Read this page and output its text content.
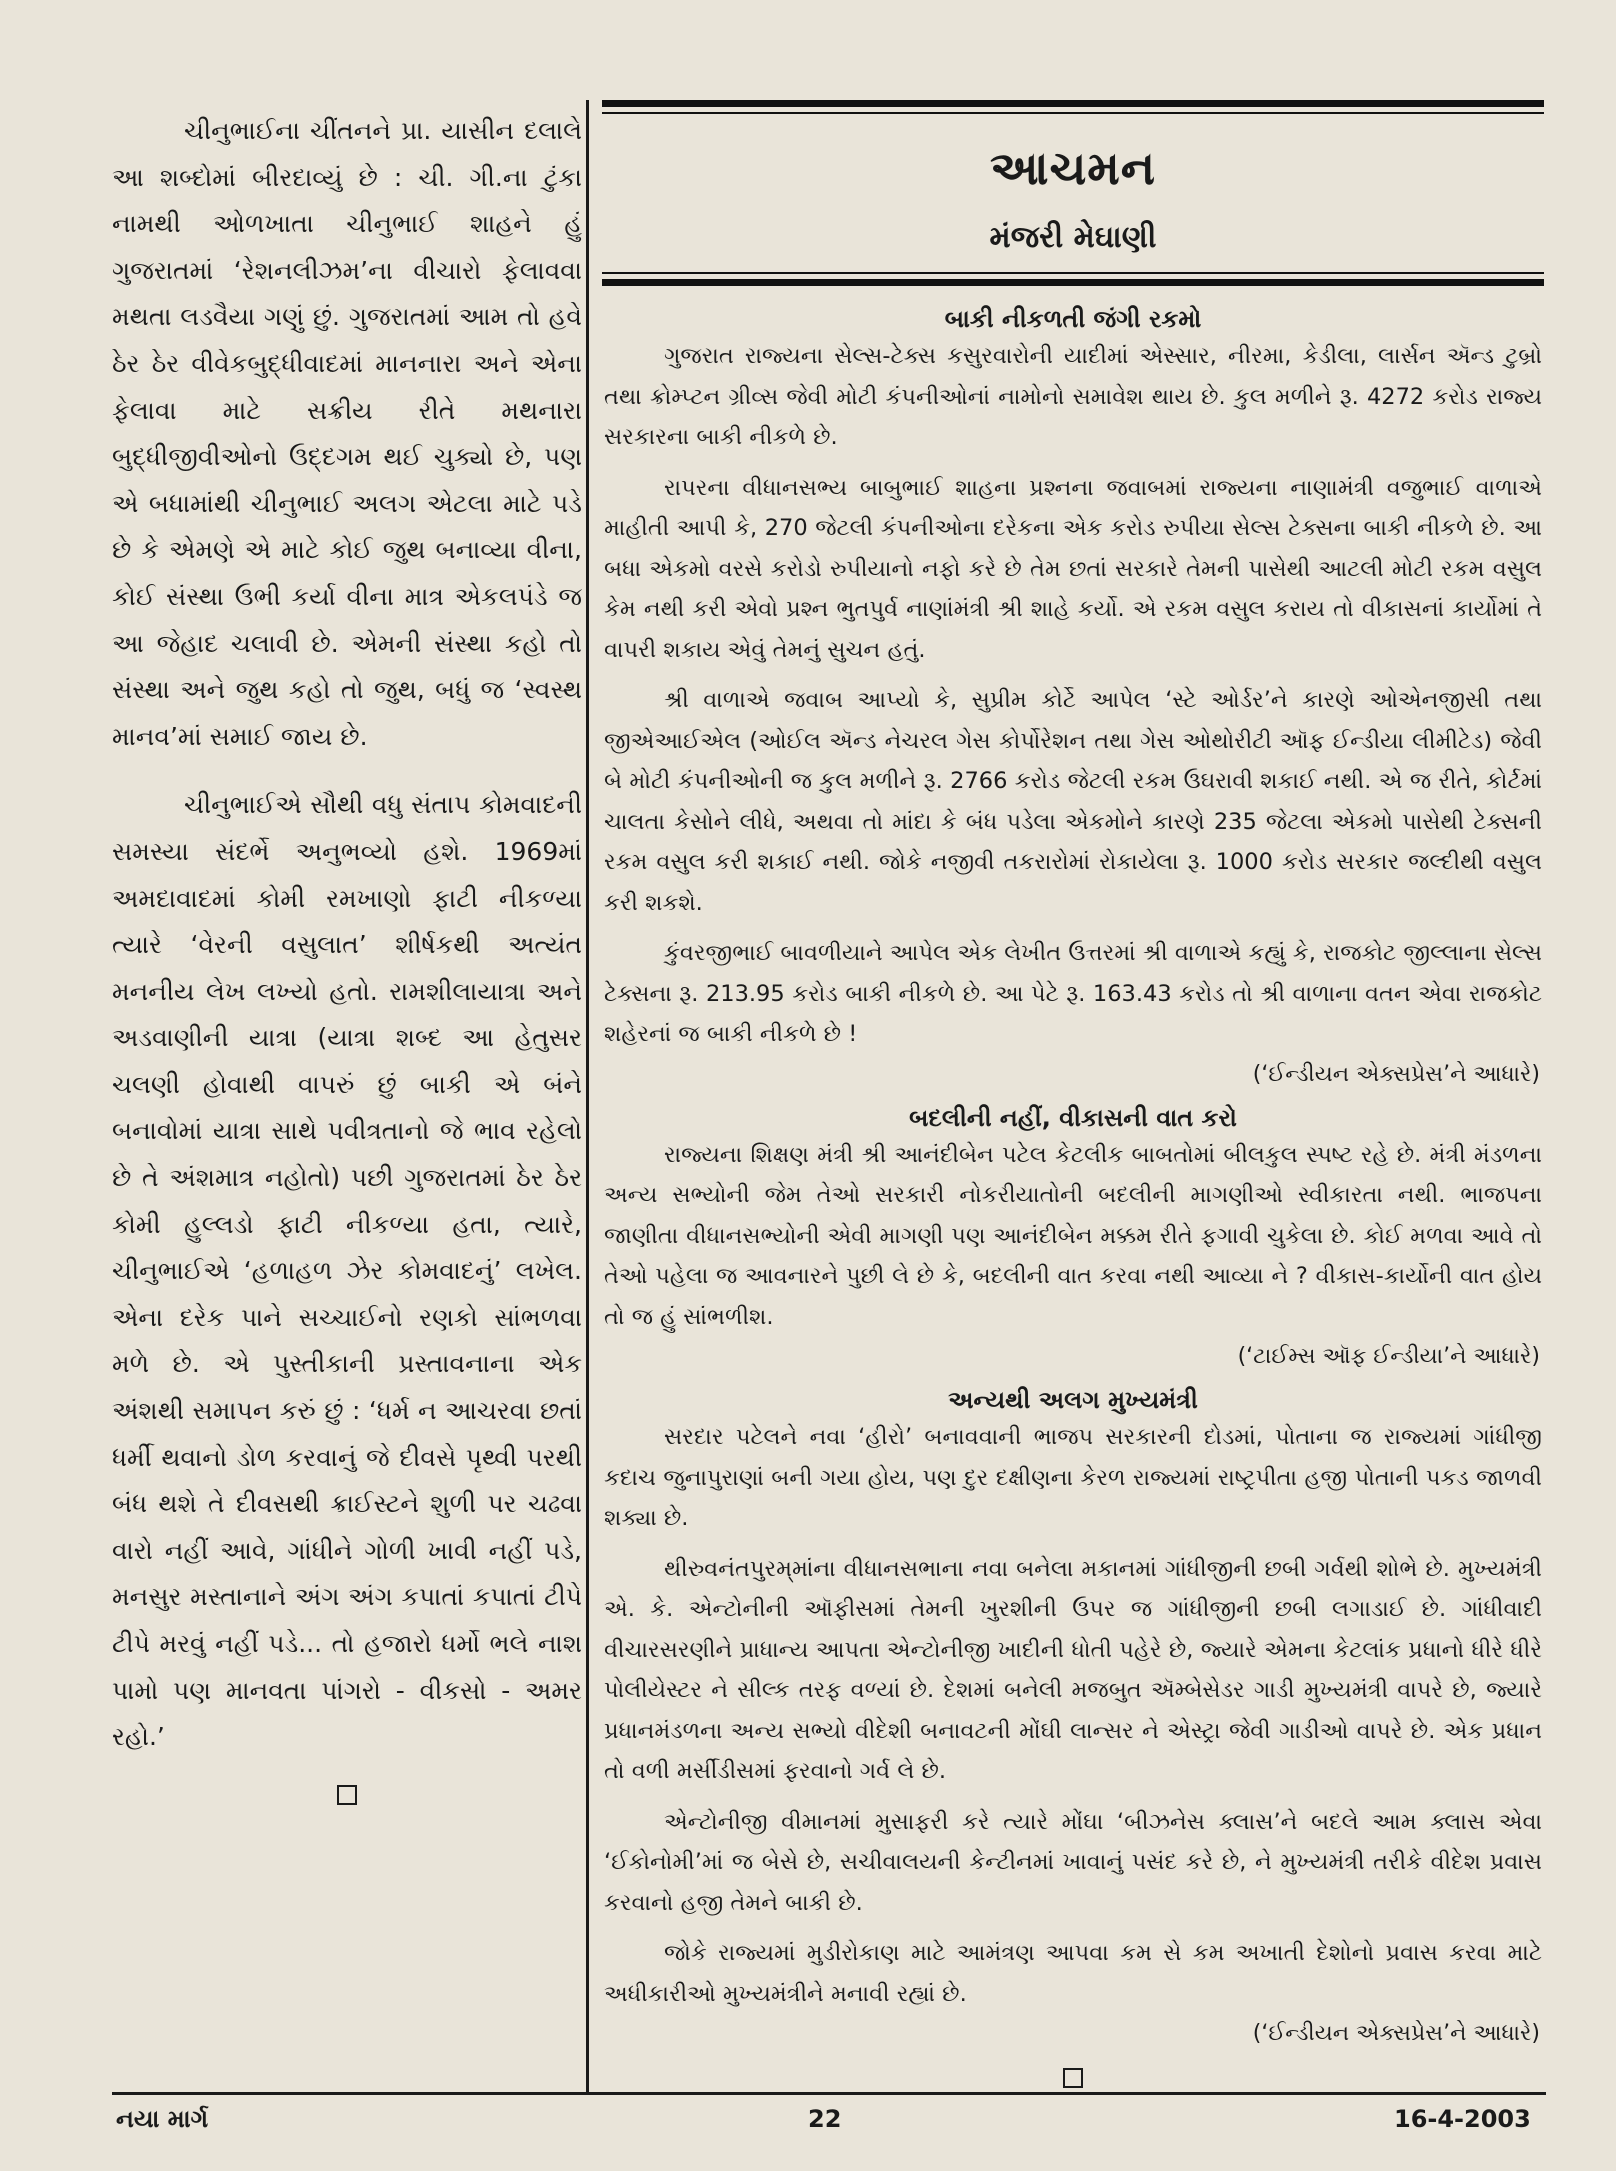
ચીનુભાઈના ચીંતનને પ્રા. યાસીન દલાલે આ શબ્દોમાં બીરદાવ્યું છે : ચી. ગી.ના ટુંકા નામથી ઓળખાતા ચીનુભાઈ શાહને હું ગુજરાતમાં ‘રેશનલીઝમ’ના વીચારો ફેલાવવા મથતા લડવૈયા ગણું છું. ગુજરાતમાં આમ તો હવે ઠેર ઠેર વીવેકબુદ્ધીવાદમાં માનનારા અને એના ફેલાવા માટે સક્રીય રીતે મથનારા બુદ્ધીજીવીઓનો ઉદ્દગમ થઈ ચુક્યો છે, પણ એ બધામાંથી ચીનુભાઈ અલગ એટલા માટે પડે છે કે એમણે એ માટે કોઈ જુથ બનાવ્યા વીના, કોઈ સંસ્થા ઉભી કર્યા વીના માત્ર એકલપંડે જ આ જેહાદ ચલાવી છે. એમની સંસ્થા કહો તો સંસ્થા અને જુથ કહો તો જુથ, બધું જ ‘સ્વસ્થ માનવ’માં સમાઈ જાય છે.

ચીનુભાઈએ સૌથી વધુ સંતાપ કોમવાદની સમસ્યા સંદર્ભે અનુભવ્યો હશે. 1969માં અમદાવાદમાં કોમી રમખાણો ફાટી નીકળ્યા ત્યારે ‘વેરની વસુલાત’ શીર્ષકથી અત્યંત મનનીય લેખ લખ્યો હતો. રામશીલાયાત્રા અને અડવાણીની યાત્રા (યાત્રા શબ્દ આ હેતુસર ચલણી હોવાથી વાપરું છું બાકી એ બંને બનાવોમાં યાત્રા સાથે પવીત્રતાનો જે ભાવ રહેલો છે તે અંશમાત્ર નહોતો) પછી ગુજરાતમાં ઠેર ઠેર કોમી હુલ્લડો ફાટી નીકળ્યા હતા, ત્યારે, ચીનુભાઈએ ‘હળાહળ ઝેર કોમવાદનું’ લખેલ. એના દરેક પાને સચ્ચાઈનો રણકો સાંભળવા મળે છે. એ પુસ્તીકાની પ્રસ્તાવનાના એક અંશથી સમાપન કરું છું : ‘ધર્મ ન આચરવા છતાં ધર્મી થવાનો ડોળ કરવાનું જે દીવસે પૃથ્વી પરથી બંધ થશે તે દીવસથી ક્રાઈસ્ટને શુળી પર ચઢવા વારો નહીં આવે, ગાંધીને ગોળી ખાવી નહીં પડે, મનસુર મસ્તાનાને અંગ અંગ કપાતાં કપાતાં ટીપે ટીપે મરવું નહીં પડે... તો હજારો ધર્મો ભલે નાશ પામો પણ માનવતા પાંગરો - વીકસો - અમર રહો.’

આચમન
મંજરી મેઘાણી
બાકી નીકળતી જંગી રકમો

ગુજરાત રાજ્યના સેલ્સ-ટેક્સ કસુરવારોની યાદીમાં એસ્સાર, નીરમા, કેડીલા, લાર્સન ઍન્ડ ટુબ્રો તથા ક્રોમ્પ્ટન ગ્રીવ્સ જેવી મોટી કંપનીઓનાં નામોનો સમાવેશ થાય છે. કુલ મળીને રૂ. 4272 કરોડ રાજ્ય સરકારના બાકી નીકળે છે.

રાપરના વીધાનસભ્ય બાબુભાઈ શાહના પ્રશ્નના જવાબમાં રાજ્યના નાણામંત્રી વજુભાઈ વાળાએ માહીતી આપી કે, 270 જેટલી કંપનીઓના દરેકના એક કરોડ રુપીયા સેલ્સ ટેક્સના બાકી નીકળે છે. આ બધા એકમો વરસે કરોડો રુપીયાનો નફો કરે છે તેમ છતાં સરકારે તેમની પાસેથી આટલી મોટી રકમ વસુલ કેમ નથી કરી એવો પ્રશ્ન ભુતપુર્વ નાણાંમંત્રી શ્રી શાહે કર્યો. એ રકમ વસુલ કરાય તો વીકાસનાં કાર્યોમાં તે વાપરી શકાય એવું તેમનું સુચન હતું.

શ્રી વાળાએ જવાબ આપ્યો કે, સુપ્રીમ કોર્ટે આપેલ ‘સ્ટે ઓર્ડર’ને કારણે ઓએનજીસી તથા જીએઆઈએલ (ઓઈલ ઍન્ડ નેચરલ ગેસ કોર્પોરેશન તથા ગેસ ઓથોરીટી ઑફ ઈન્ડીયા લીમીટેડ) જેવી બે મોટી કંપનીઓની જ કુલ મળીને રૂ. 2766 કરોડ જેટલી રકમ ઉઘરાવી શકાઈ નથી. એ જ રીતે, કોર્ટમાં ચાલતા કેસોને લીધે, અથવા તો માંદા કે બંધ પડેલા એકમોને કારણે 235 જેટલા એકમો પાસેથી ટેક્સની રકમ વસુલ કરી શકાઈ નથી. જોકે નજીવી તકરારોમાં રોકાયેલા રૂ. 1000 કરોડ સરકાર જલ્દીથી વસુલ કરી શકશે.

કુંવરજીભાઈ બાવળીયાને આપેલ એક લેખીત ઉત્તરમાં શ્રી વાળાએ કહ્યું કે, રાજકોટ જીલ્લાના સેલ્સ ટેક્સના રૂ. 213.95 કરોડ બાકી નીકળે છે. આ પેટે રૂ. 163.43 કરોડ તો શ્રી વાળાના વતન એવા રાજકોટ શહેરનાં જ બાકી નીકળે છે !

(‘ઈન્ડીયન એક્સપ્રેસ’ને આધારે)
બદલીની નહીં, વીકાસની વાત કરો

રાજ્યના શિક્ષણ મંત્રી શ્રી આનંદીબેન પટેલ કેટલીક બાબતોમાં બીલકુલ સ્પષ્ટ રહે છે. મંત્રી મંડળના અન્ય સભ્યોની જેમ તેઓ સરકારી નોકરીયાતોની બદલીની માગણીઓ સ્વીકારતા નથી. ભાજપના જાણીતા વીધાનસભ્યોની એવી માગણી પણ આનંદીબેન મક્કમ રીતે ફગાવી ચુકેલા છે. કોઈ મળવા આવે તો તેઓ પહેલા જ આવનારને પુછી લે છે કે, બદલીની વાત કરવા નથી આવ્યા ને ? વીકાસ-કાર્યોની વાત હોય તો જ હું સાંભળીશ.

(‘ટાઈમ્સ ઑફ ઈન્ડીયા’ને આધારે)
અન્યથી અલગ મુખ્યમંત્રી

સરદાર પટેલને નવા ‘હીરો’ બનાવવાની ભાજપ સરકારની દોડમાં, પોતાના જ રાજ્યમાં ગાંધીજી કદાચ જુનાપુરાણાં બની ગયા હોય, પણ દુર દક્ષીણના કેરળ રાજ્યમાં રાષ્ટ્રપીતા હજી પોતાની પકડ જાળવી શક્યા છે.

થીરુવનંતપુરમ્‌માંના વીધાનસભાના નવા બનેલા મકાનમાં ગાંધીજીની છબી ગર્વથી શોભે છે. મુખ્યમંત્રી એ. કે. એન્ટોનીની ઑફીસમાં તેમની ખુરશીની ઉપર જ ગાંધીજીની છબી લગાડાઈ છે. ગાંધીવાદી વીચારસરણીને પ્રાધાન્ય આપતા એન્ટોનીજી ખાદીની ધોતી પહેરે છે, જ્યારે એમના કેટલાંક પ્રધાનો ધીરે ધીરે પોલીયેસ્ટર ને સીલ્ક તરફ વળ્યાં છે. દેશમાં બનેલી મજબુત ઍમ્બેસેડર ગાડી મુખ્યમંત્રી વાપરે છે, જ્યારે પ્રધાનમંડળના અન્ય સભ્યો વીદેશી બનાવટની મોંઘી લાન્સર ને એસ્ટ્રા જેવી ગાડીઓ વાપરે છે. એક પ્રધાન તો વળી મર્સીડીસમાં ફરવાનો ગર્વ લે છે.

એન્ટોનીજી વીમાનમાં મુસાફરી કરે ત્યારે મોંઘા ‘બીઝનેસ ક્લાસ’ને બદલે આમ ક્લાસ એવા ‘ઈકોનોમી’માં જ બેસે છે, સચીવાલયની કેન્ટીનમાં ખાવાનું પસંદ કરે છે, ને મુખ્યમંત્રી તરીકે વીદેશ પ્રવાસ કરવાનો હજી તેમને બાકી છે.

જોકે રાજ્યમાં મુડીરોકાણ માટે આમંત્રણ આપવા કમ સે કમ અખાતી દેશોનો પ્રવાસ કરવા માટે અધીકારીઓ મુખ્યમંત્રીને મનાવી રહ્યાં છે.

(‘ઈન્ડીયન એક્સપ્રેસ’ને આધારે)
નયા માર્ગ	22	16-4-2003
